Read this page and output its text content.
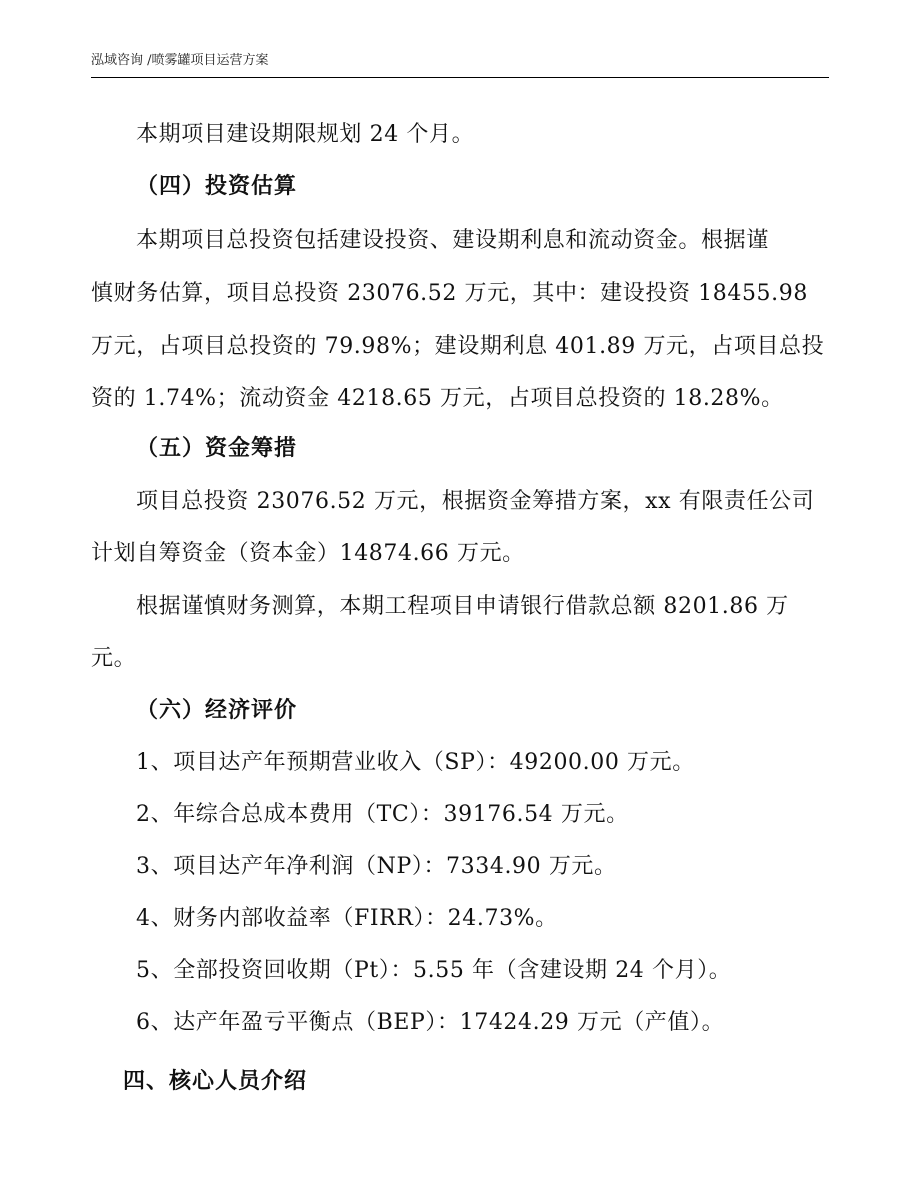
泓域咨询 /喷雾罐项目运营方案
本期项目建设期限规划 24 个月。
（四）投资估算
本期项目总投资包括建设投资、建设期利息和流动资金。根据谨
慎财务估算，项目总投资 23076.52 万元，其中：建设投资 18455.98
万元，占项目总投资的 79.98%；建设期利息 401.89 万元，占项目总投
资的 1.74%；流动资金 4218.65 万元，占项目总投资的 18.28%。
（五）资金筹措
项目总投资 23076.52 万元，根据资金筹措方案，xx 有限责任公司
计划自筹资金（资本金）14874.66 万元。
根据谨慎财务测算，本期工程项目申请银行借款总额 8201.86 万
元。
（六）经济评价
1、项目达产年预期营业收入（SP）：49200.00 万元。
2、年综合总成本费用（TC）：39176.54 万元。
3、项目达产年净利润（NP）：7334.90 万元。
4、财务内部收益率（FIRR）：24.73%。
5、全部投资回收期（Pt）：5.55 年（含建设期 24 个月）。
6、达产年盈亏平衡点（BEP）：17424.29 万元（产值）。
四、核心人员介绍
